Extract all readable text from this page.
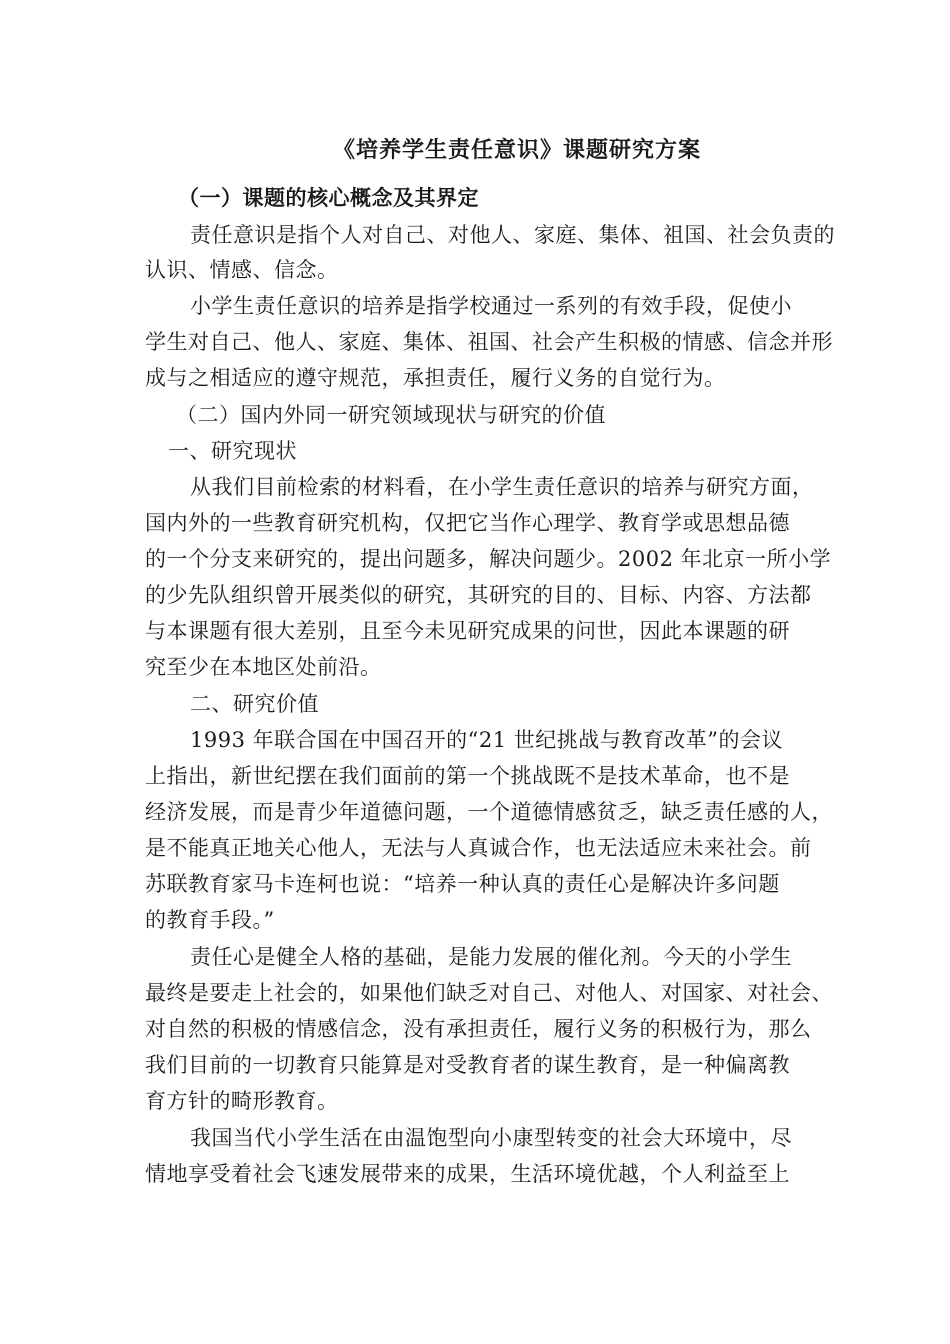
《培养学生责任意识》课题研究方案
（一）课题的核心概念及其界定
责任意识是指个人对自己、对他人、家庭、集体、祖国、社会负责的
认识、情感、信念。
小学生责任意识的培养是指学校通过一系列的有效手段，促使小
学生对自己、他人、家庭、集体、祖国、社会产生积极的情感、信念并形
成与之相适应的遵守规范，承担责任，履行义务的自觉行为。
（二）国内外同一研究领域现状与研究的价值
一、研究现状
从我们目前检索的材料看，在小学生责任意识的培养与研究方面，
国内外的一些教育研究机构，仅把它当作心理学、教育学或思想品德
的一个分支来研究的，提出问题多，解决问题少。2002 年北京一所小学
的少先队组织曾开展类似的研究，其研究的目的、目标、内容、方法都
与本课题有很大差别，且至今未见研究成果的问世，因此本课题的研
究至少在本地区处前沿。
二、研究价值
1993 年联合国在中国召开的“21 世纪挑战与教育改革”的会议
上指出，新世纪摆在我们面前的第一个挑战既不是技术革命，也不是
经济发展，而是青少年道德问题，一个道德情感贫乏，缺乏责任感的人，
是不能真正地关心他人，无法与人真诚合作，也无法适应未来社会。前
苏联教育家马卡连柯也说：“培养一种认真的责任心是解决许多问题
的教育手段。”
责任心是健全人格的基础，是能力发展的催化剂。今天的小学生
最终是要走上社会的，如果他们缺乏对自己、对他人、对国家、对社会、
对自然的积极的情感信念，没有承担责任，履行义务的积极行为，那么
我们目前的一切教育只能算是对受教育者的谋生教育，是一种偏离教
育方针的畸形教育。
我国当代小学生活在由温饱型向小康型转变的社会大环境中，尽
情地享受着社会飞速发展带来的成果，生活环境优越，个人利益至上
